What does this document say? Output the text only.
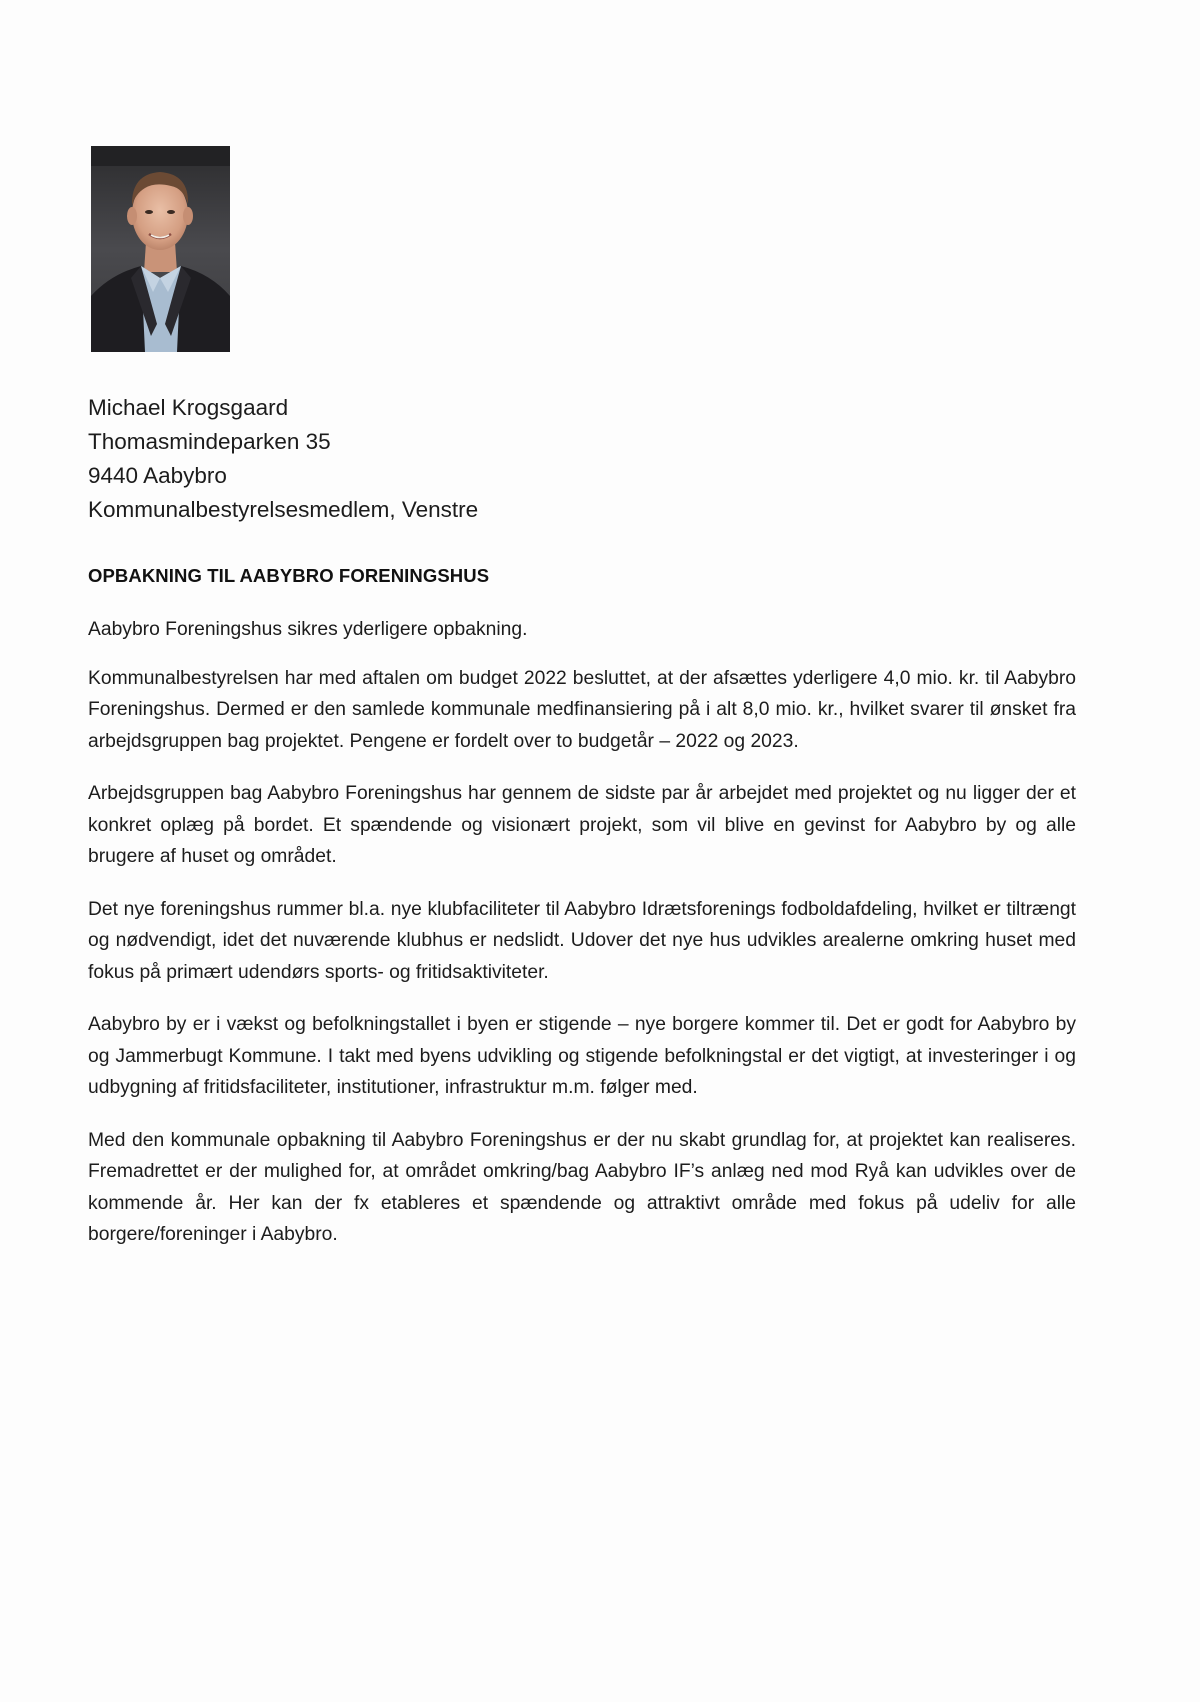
Michael Krogsgaard
Thomasmindeparken 35
9440 Aabybro
Kommunalbestyrelsesmedlem, Venstre
OPBAKNING TIL AABYBRO FORENINGSHUS

Aabybro Foreningshus sikres yderligere opbakning.

Kommunalbestyrelsen har med aftalen om budget 2022 besluttet, at der afsættes yderligere 4,0 mio. kr. til Aabybro Foreningshus. Dermed er den samlede kommunale medfinansiering på i alt 8,0 mio. kr., hvilket svarer til ønsket fra arbejdsgruppen bag projektet. Pengene er fordelt over to budgetår – 2022 og 2023.

Arbejdsgruppen bag Aabybro Foreningshus har gennem de sidste par år arbejdet med projektet og nu ligger der et konkret oplæg på bordet. Et spændende og visionært projekt, som vil blive en gevinst for Aabybro by og alle brugere af huset og området.

Det nye foreningshus rummer bl.a. nye klubfaciliteter til Aabybro Idrætsforenings fodboldafdeling, hvilket er tiltrængt og nødvendigt, idet det nuværende klubhus er nedslidt. Udover det nye hus udvikles arealerne omkring huset med fokus på primært udendørs sports- og fritidsaktiviteter.

Aabybro by er i vækst og befolkningstallet i byen er stigende – nye borgere kommer til. Det er godt for Aabybro by og Jammerbugt Kommune. I takt med byens udvikling og stigende befolkningstal er det vigtigt, at investeringer i og udbygning af fritidsfaciliteter, institutioner, infrastruktur m.m. følger med.

Med den kommunale opbakning til Aabybro Foreningshus er der nu skabt grundlag for, at projektet kan realiseres. Fremadrettet er der mulighed for, at området omkring/bag Aabybro IF’s anlæg ned mod Ryå kan udvikles over de kommende år. Her kan der fx etableres et spændende og attraktivt område med fokus på udeliv for alle borgere/foreninger i Aabybro.
